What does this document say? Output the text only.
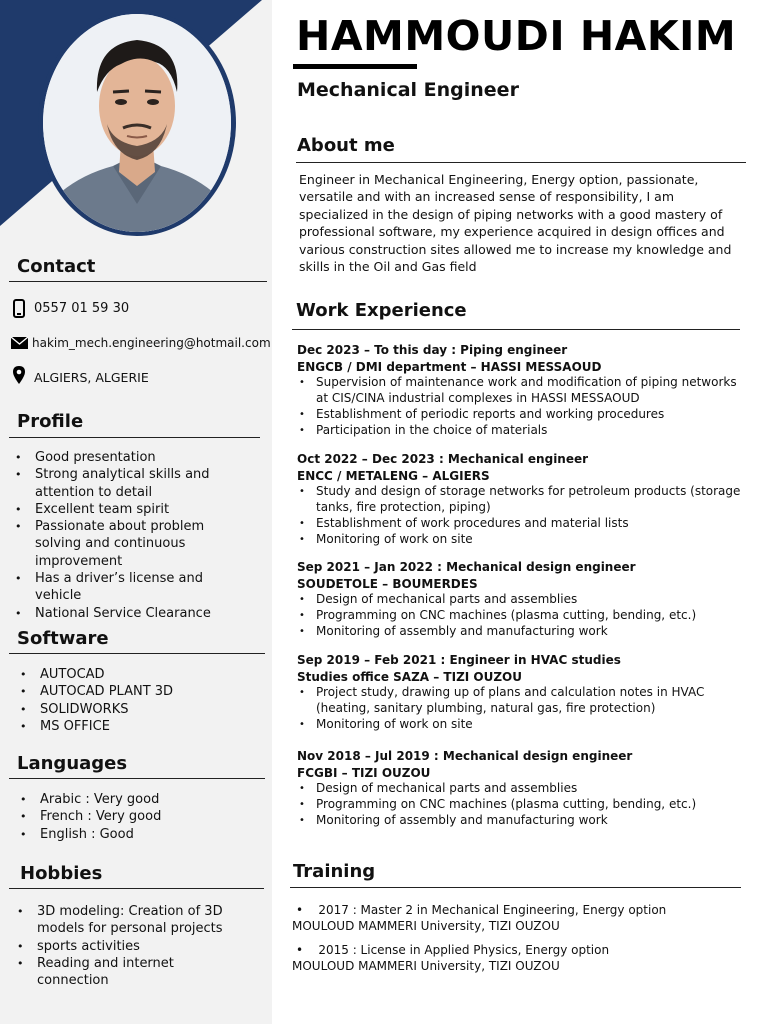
Contact
0557 01 59 30
hakim_mech.engineering@hotmail.com
ALGIERS, ALGERIE
Profile
• Good presentation
• Strong analytical skills and attention to detail
• Excellent team spirit
• Passionate about problem solving and continuous improvement
• Has a driver’s license and vehicle
• National Service Clearance
Software
• AUTOCAD
• AUTOCAD PLANT 3D
• SOLIDWORKS
• MS OFFICE
Languages
• Arabic : Very good
• French : Very good
• English : Good
Hobbies
• 3D modeling: Creation of 3D models for personal projects
• sports activities
• Reading and internet connection
HAMMOUDI HAKIM
Mechanical Engineer
About me
Engineer in Mechanical Engineering, Energy option, passionate, versatile and with an increased sense of responsibility, I am specialized in the design of piping networks with a good mastery of professional software, my experience acquired in design offices and various construction sites allowed me to increase my knowledge and skills in the Oil and Gas field
Work Experience
Dec 2023 – To this day : Piping engineer
ENGCB / DMI department – HASSI MESSAOUD
• Supervision of maintenance work and modification of piping networks at CIS/CINA industrial complexes in HASSI MESSAOUD
• Establishment of periodic reports and working procedures
• Participation in the choice of materials
Oct 2022 – Dec 2023 : Mechanical engineer
ENCC / METALENG – ALGIERS
• Study and design of storage networks for petroleum products (storage tanks, fire protection, piping)
• Establishment of work procedures and material lists
• Monitoring of work on site
Sep 2021 – Jan 2022 : Mechanical design engineer
SOUDETOLE – BOUMERDES
• Design of mechanical parts and assemblies
• Programming on CNC machines (plasma cutting, bending, etc.)
• Monitoring of assembly and manufacturing work
Sep 2019 – Feb 2021 : Engineer in HVAC studies
Studies office SAZA – TIZI OUZOU
• Project study, drawing up of plans and calculation notes in HVAC (heating, sanitary plumbing, natural gas, fire protection)
• Monitoring of work on site
Nov 2018 – Jul 2019 : Mechanical design engineer
FCGBI – TIZI OUZOU
• Design of mechanical parts and assemblies
• Programming on CNC machines (plasma cutting, bending, etc.)
• Monitoring of assembly and manufacturing work
Training
•    2017 : Master 2 in Mechanical Engineering, Energy option
MOULOUD MAMMERI University, TIZI OUZOU
•    2015 : License in Applied Physics, Energy option
MOULOUD MAMMERI University, TIZI OUZOU
